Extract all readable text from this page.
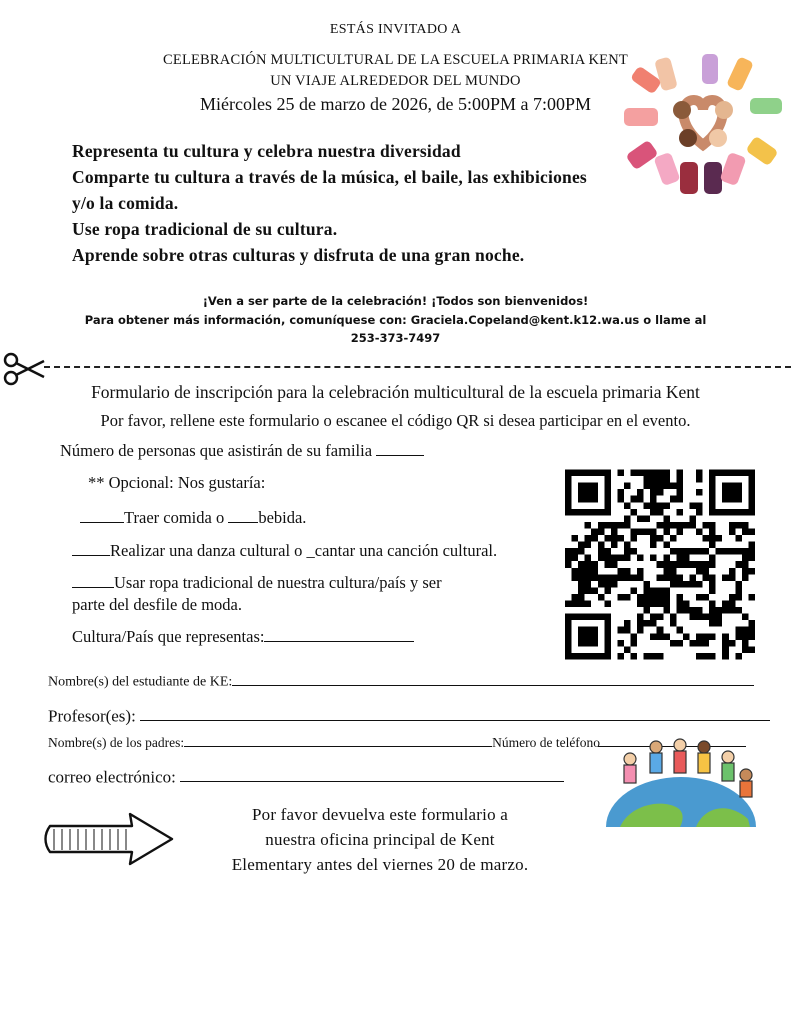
ESTÁS INVITADO A
CELEBRACIÓN MULTICULTURAL DE LA ESCUELA PRIMARIA KENT
UN VIAJE ALREDEDOR DEL MUNDO
Miércoles 25 de marzo de 2026, de 5:00PM a 7:00PM
Representa tu cultura y celebra nuestra diversidad
Comparte tu cultura a través de la música, el baile, las exhibiciones
y/o la comida.
Use ropa tradicional de su cultura.
Aprende sobre otras culturas y disfruta de una gran noche.
¡Ven a ser parte de la celebración! ¡Todos son bienvenidos!
Para obtener más información, comuníquese con: Graciela.Copeland@kent.k12.wa.us o llame al
253-373-7497
Formulario de inscripción para la celebración multicultural de la escuela primaria Kent
Por favor, rellene este formulario o escanee el código QR si desea participar en el evento.
Número de personas que asistirán de su familia
** Opcional: Nos gustaría:
Traer comida o bebida.
Realizar una danza cultural o _cantar una canción cultural.
Usar ropa tradicional de nuestra cultura/país y ser
parte del desfile de moda.
Cultura/País que representas:
Nombre(s) del estudiante de KE:
Profesor(es):
Nombre(s) de los padres:	Número de teléfono
correo electrónico:
Por favor devuelva este formulario a
nuestra oficina principal de Kent
Elementary antes del viernes 20 de marzo.
